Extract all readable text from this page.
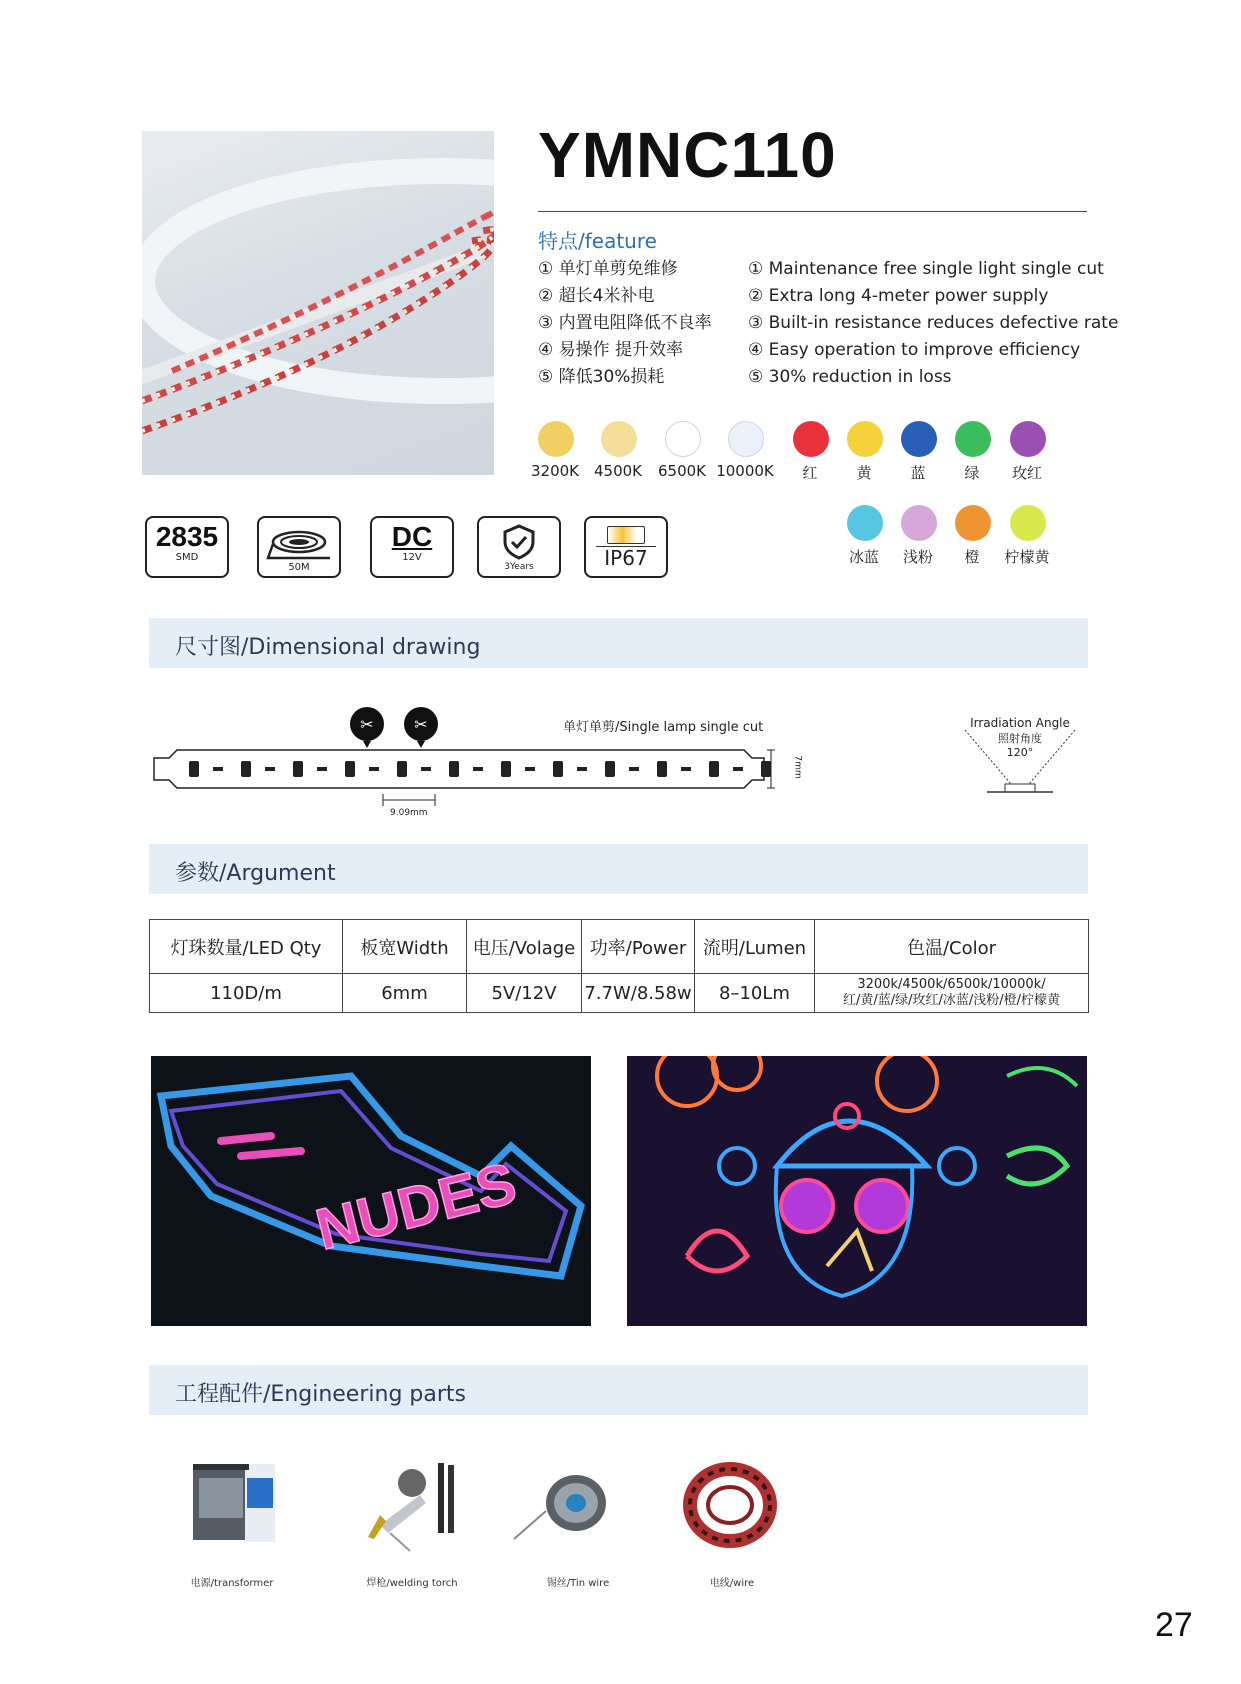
YMNC110
特点/feature
① 单灯单剪免维修
② 超长4米补电
③ 内置电阻降低不良率
④ 易操作 提升效率
⑤ 降低30%损耗
① Maintenance free single light single cut
② Extra long 4-meter power supply
③ Built-in resistance reduces defective rate
④ Easy operation to improve efficiency
⑤ 30% reduction in loss
3200K 4500K	6500K 10000K	红	黄	蓝	绿	玫红
冰蓝	浅粉	橙	柠檬黄
2835
SMD
50M
DC
12V
3Years	IP67
尺寸图/Dimensional drawing
✂	✂	单灯单剪/Single lamp single cut
9.09mm
7mm
Irradiation Angle
照射角度
120°
参数/Argument
灯珠数量/LED Qty	板宽Width	电压/Volage	功率/Power	流明/Lumen	色温/Color
110D/m	6mm	5V/12V	7.7W/8.58w	8–10Lm	3200k/4500k/6500k/10000k/
红/黄/蓝/绿/玫红/冰蓝/浅粉/橙/柠檬黄
NUDES
工程配件/Engineering parts
电源/transformer	焊枪/welding torch	锡丝/Tin wire	电线/wire
27
